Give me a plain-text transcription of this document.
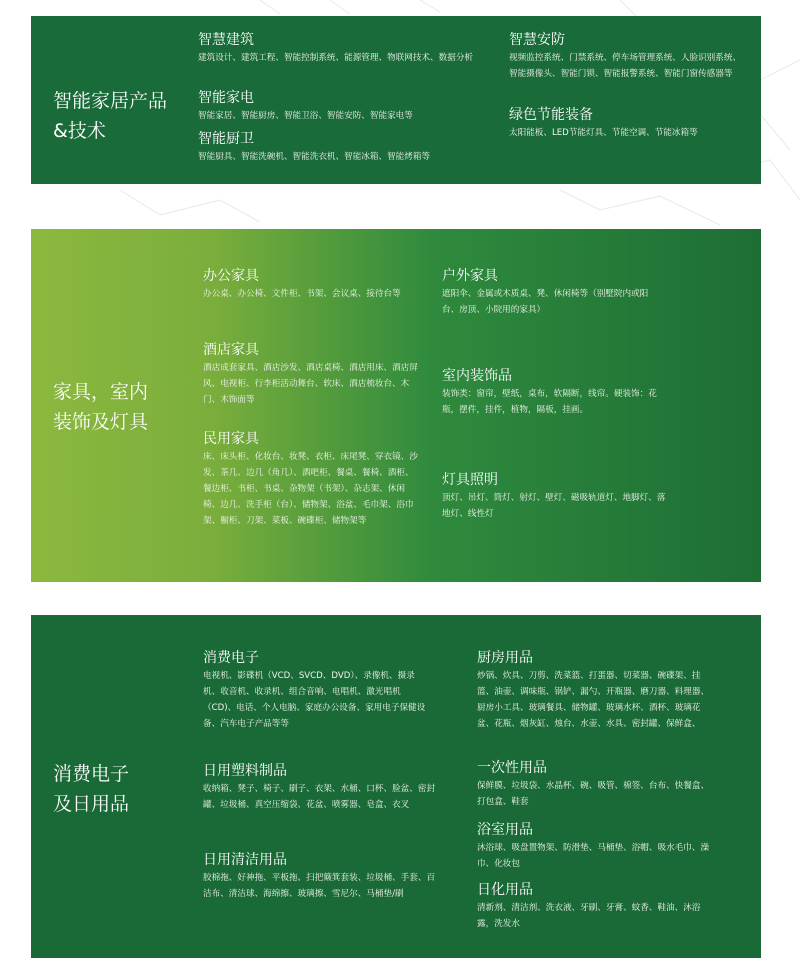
智能家居产品&技术

智慧建筑

建筑设计、建筑工程、智能控制系统、能源管理、物联网技术、数据分析

智能家电

智能家居、智能厨房、智能卫浴、智能安防、智能家电等

智能厨卫

智能厨具、智能洗碗机、智能洗衣机、智能冰箱、智能烤箱等

智慧安防

视频监控系统、门禁系统、停车场管理系统、人脸识别系统、智能摄像头、智能门锁、智能报警系统、智能门窗传感器等

绿色节能装备

太阳能板、LED节能灯具、节能空调、节能冰箱等

家具，室内装饰及灯具

办公家具

办公桌、办公椅、文件柜、书架、会议桌、接待台等

酒店家具

酒店成套家具、酒店沙发、酒店桌椅、酒店用床、酒店屏风、电视柜、行李柜活动舞台、软床、酒店梳妆台、木门、木饰面等

民用家具

床、床头柜、化妆台、妆凳、衣柜、床尾凳、穿衣镜、沙发、茶几、边几（角几）、酒吧柜、餐桌、餐椅、酒柜、餐边柜、书柜、书桌、杂物架（书架）、杂志架、休闲椅、边几、洗手柜（台）、储物架、浴盆、毛巾架、浴巾架、橱柜、刀架、菜板、碗碟柜、储物架等

户外家具

遮阳伞、金属或木质桌、凳、休闲椅等（别墅院内或阳台、房顶、小院用的家具）

室内装饰品

装饰类：窗帘，壁纸，桌布，软隔断，线帘。硬装饰：花瓶，摆件，挂件，植物，隔板，挂画。

灯具照明

顶灯、吊灯、筒灯、射灯、壁灯、磁吸轨道灯、地脚灯、落地灯、线性灯

消费电子及日用品

消费电子

电视机、影碟机（VCD、SVCD、DVD）、录像机、摄录机、收音机、收录机、组合音响、电唱机、激光唱机（CD)、电话、个人电脑、家庭办公设备、家用电子保健设备、汽车电子产品等等

日用塑料制品

收纳箱、凳子、椅子、刷子、衣架、水桶、口杯、脸盆、密封罐、垃圾桶、真空压缩袋、花盆、喷雾器、皂盒、衣叉

日用清洁用品

胶棉拖、好神拖、平板拖、扫把簸箕套装、垃圾桶、手套、百洁布、清洁球、海绵擦、玻璃擦、雪尼尔、马桶垫/刷

厨房用品

炒锅、炊具、刀剪、洗菜篮、打蛋器、切菜器、碗碟架、挂篮、油壶、调味瓶、锅铲、漏勺、开瓶器、磨刀器、料理器、厨房小工具、玻璃餐具、储物罐、玻璃水杯、酒杯、玻璃花盆、花瓶、烟灰缸、烛台、水壶、水具、密封罐、保鲜盒、

一次性用品

保鲜膜、垃圾袋、水晶杯、碗、吸管、棉签、台布、快餐盒、打包盒、鞋套

浴室用品

沐浴球、吸盘置物架、防滑垫、马桶垫、浴帽、吸水毛巾、澡巾、化妆包

日化用品

清新剂、清洁剂、洗衣液、牙刷、牙膏、蚊香、鞋油、沐浴露，洗发水
